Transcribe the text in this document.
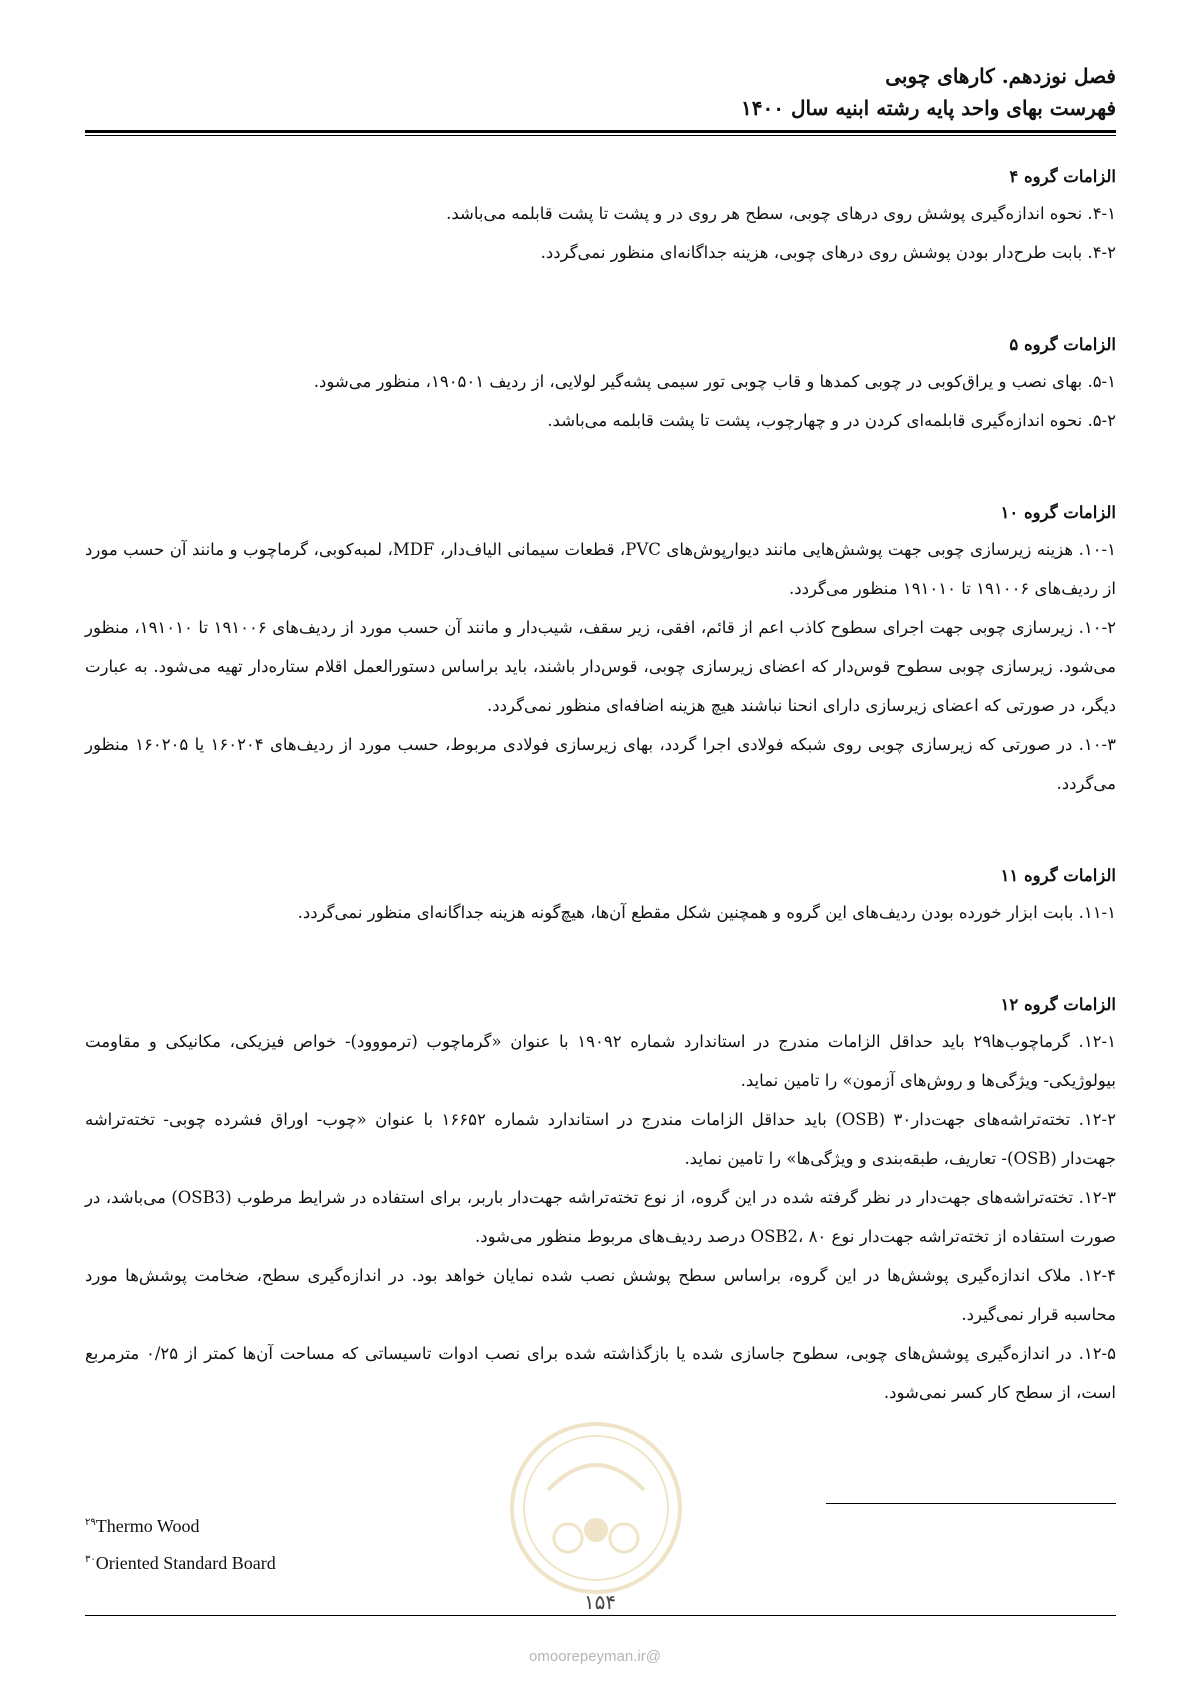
فصل نوزدهم. کارهای چوبی
فهرست بهای واحد پایه رشته ابنیه سال ۱۴۰۰

الزامات گروه ۴

۴-۱. نحوه اندازه‌گیری پوشش روی درهای چوبی، سطح هر روی در و پشت تا پشت قابلمه می‌باشد.

۴-۲. بابت طرح‌دار بودن پوشش روی درهای چوبی، هزینه جداگانه‌ای منظور نمی‌گردد.

الزامات گروه ۵

۵-۱. بهای نصب و یراق‌کوبی در چوبی کمدها و قاب چوبی تور سیمی پشه‌گیر لولایی، از ردیف ۱۹۰۵۰۱، منظور می‌شود.

۵-۲. نحوه اندازه‌گیری قابلمه‌ای کردن در و چهارچوب، پشت تا پشت قابلمه می‌باشد.

الزامات گروه ۱۰

۱۰-۱. هزینه زیرسازی چوبی جهت پوشش‌هایی مانند دیوارپوش‌های PVC، قطعات سیمانی الیاف‌دار، MDF، لمبه‌کوبی، گرماچوب و مانند آن حسب مورد از ردیف‌های ۱۹۱۰۰۶ تا ۱۹۱۰۱۰ منظور می‌گردد.

۱۰-۲. زیرسازی چوبی جهت اجرای سطوح کاذب اعم از قائم، افقی، زیر سقف، شیب‌دار و مانند آن حسب مورد از ردیف‌های ۱۹۱۰۰۶ تا ۱۹۱۰۱۰، منظور می‌شود. زیرسازی چوبی سطوح قوس‌دار که اعضای زیرسازی چوبی، قوس‌دار باشند، باید براساس دستورالعمل اقلام ستاره‌دار تهیه می‌شود. به عبارت دیگر، در صورتی که اعضای زیرسازی دارای انحنا نباشند هیچ هزینه اضافه‌ای منظور نمی‌گردد.

۱۰-۳. در صورتی که زیرسازی چوبی روی شبکه فولادی اجرا گردد، بهای زیرسازی فولادی مربوط، حسب مورد از ردیف‌های ۱۶۰۲۰۴ یا ۱۶۰۲۰۵ منظور می‌گردد.

الزامات گروه ۱۱

۱۱-۱. بابت ابزار خورده بودن ردیف‌های این گروه و همچنین شکل مقطع آن‌ها، هیچ‌گونه هزینه جداگانه‌ای منظور نمی‌گردد.

الزامات گروه ۱۲

۱۲-۱. گرماچوب‌ها۲۹ باید حداقل الزامات مندرج در استاندارد شماره ۱۹۰۹۲ با عنوان «گرماچوب (ترمووود)- خواص فیزیکی، مکانیکی و مقاومت بیولوژیکی- ویژگی‌ها و روش‌های آزمون» را تامین نماید.

۱۲-۲. تخته‌تراشه‌های جهت‌دار۳۰ (OSB) باید حداقل الزامات مندرج در استاندارد شماره ۱۶۶۵۲ با عنوان «چوب- اوراق فشرده چوبی- تخته‌تراشه جهت‌دار (OSB)- تعاریف، طبقه‌بندی و ویژگی‌ها» را تامین نماید.

۱۲-۳. تخته‌تراشه‌های جهت‌دار در نظر گرفته شده در این گروه، از نوع تخته‌تراشه جهت‌دار باربر، برای استفاده در شرایط مرطوب (OSB3) می‌باشد، در صورت استفاده از تخته‌تراشه جهت‌دار نوع OSB2، ۸۰ درصد ردیف‌های مربوط منظور می‌شود.

۱۲-۴. ملاک اندازه‌گیری پوشش‌ها در این گروه، براساس سطح پوشش نصب شده نمایان خواهد بود. در اندازه‌گیری سطح، ضخامت پوشش‌ها مورد محاسبه قرار نمی‌گیرد.

۱۲-۵. در اندازه‌گیری پوشش‌های چوبی، سطوح جاسازی شده یا بازگذاشته شده برای نصب ادوات تاسیساتی که مساحت آن‌ها کمتر از ۰/۲۵ مترمربع است، از سطح کار کسر نمی‌شود.

$^{۲۹}$Thermo Wood
$^{۳۰}$Oriented Standard Board
۱۵۴
@omoorepeyman.ir
